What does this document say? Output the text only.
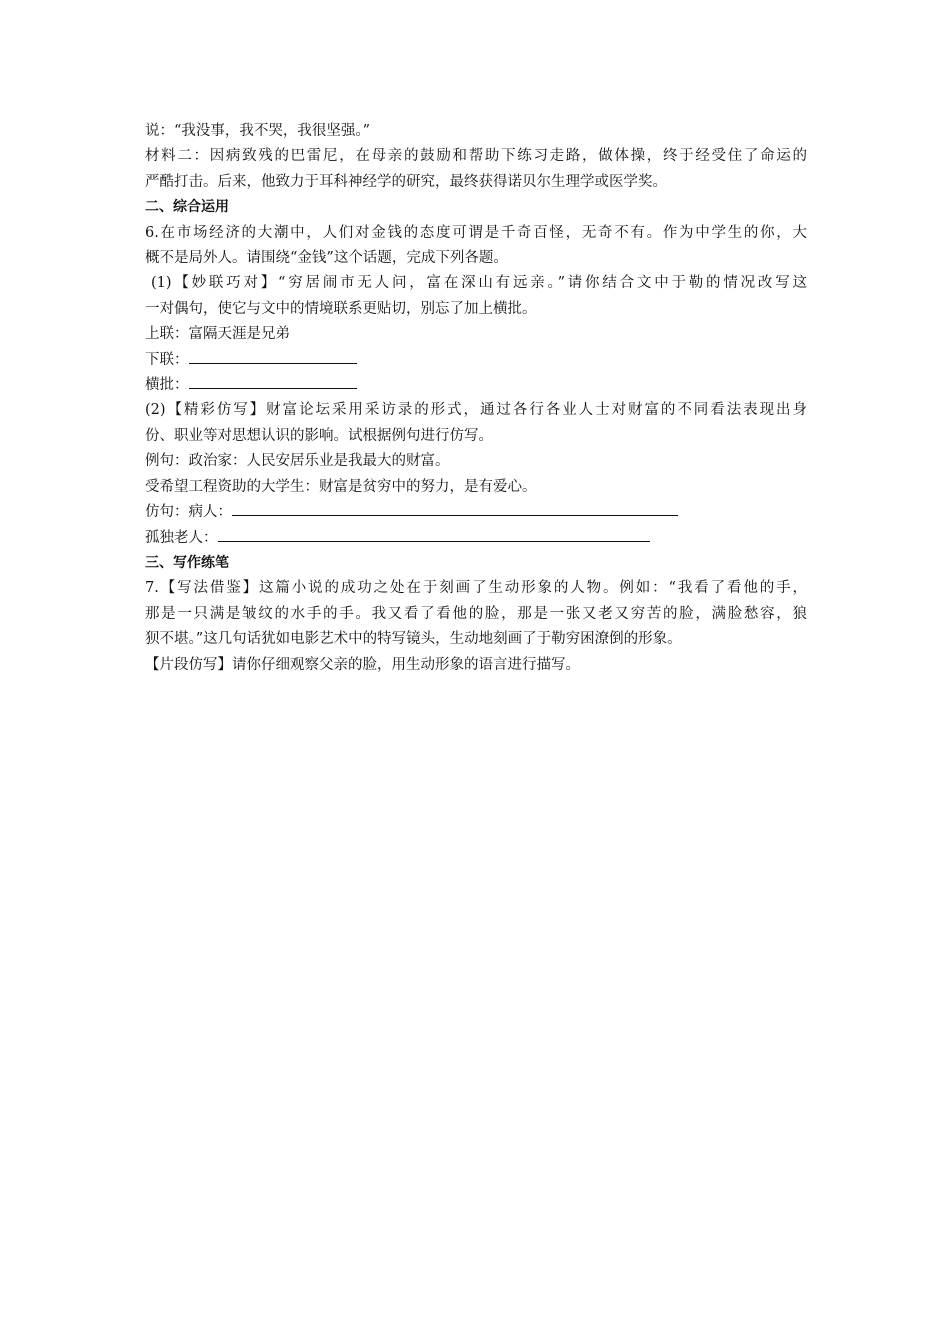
说：“我没事，我不哭，我很坚强。”
材料二：因病致残的巴雷尼，在母亲的鼓励和帮助下练习走路，做体操，终于经受住了命运的
严酷打击。后来，他致力于耳科神经学的研究，最终获得诺贝尔生理学或医学奖。
二、综合运用
6.在市场经济的大潮中，人们对金钱的态度可谓是千奇百怪，无奇不有。作为中学生的你，大
概不是局外人。请围绕“金钱”这个话题，完成下列各题。
(1)【妙联巧对】“穷居闹市无人问，富在深山有远亲。”请你结合文中于勒的情况改写这
一对偶句，使它与文中的情境联系更贴切，别忘了加上横批。
上联：富隔天涯是兄弟
下联：
横批：
(2)【精彩仿写】财富论坛采用采访录的形式，通过各行各业人士对财富的不同看法表现出身
份、职业等对思想认识的影响。试根据例句进行仿写。
例句：政治家：人民安居乐业是我最大的财富。
受希望工程资助的大学生：财富是贫穷中的努力，是有爱心。
仿句：病人：
孤独老人：
三、写作练笔
7.【写法借鉴】这篇小说的成功之处在于刻画了生动形象的人物。例如：“我看了看他的手，
那是一只满是皱纹的水手的手。我又看了看他的脸，那是一张又老又穷苦的脸，满脸愁容，狼
狈不堪。”这几句话犹如电影艺术中的特写镜头，生动地刻画了于勒穷困潦倒的形象。
【片段仿写】请你仔细观察父亲的脸，用生动形象的语言进行描写。
